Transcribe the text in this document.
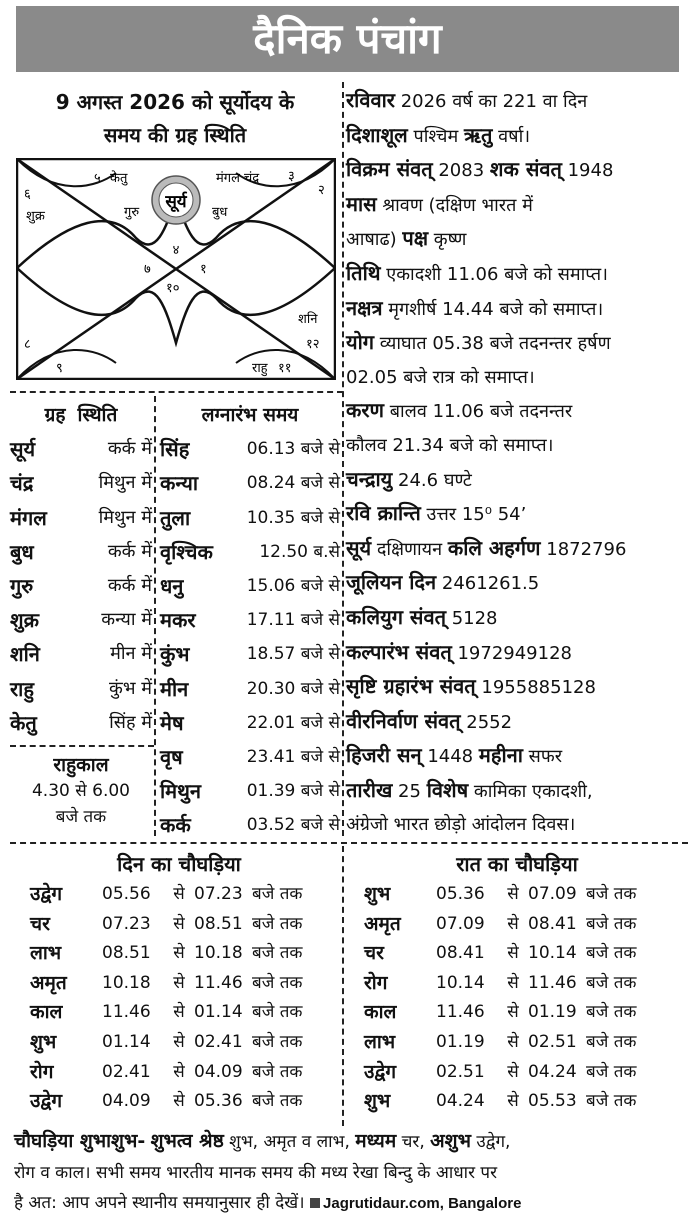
दैनिक पंचांग
9 अगस्त 2026 को सूर्योदय के
समय की ग्रह स्थिति
सूर्य
४
५
६
७
८
९
१०
१
२
३
१२
११
केतु
शुक्र	गुरु	बुध
मंगल चंद्र
शनि
राहु
रविवार 2026 वर्ष का 221 वा दिन
दिशाशूल पश्चिम ऋतु वर्षा।
विक्रम संवत् 2083 शक संवत् 1948
मास श्रावण (दक्षिण भारत में
आषाढ) पक्ष कृष्ण
तिथि एकादशी 11.06 बजे को समाप्त।
नक्षत्र मृगशीर्ष 14.44 बजे को समाप्त।
योग व्याघात 05.38 बजे तदनन्तर हर्षण
02.05 बजे रात्र को समाप्त।
करण बालव 11.06 बजे तदनन्तर
कौलव 21.34 बजे को समाप्त।
चन्द्रायु 24.6 घण्टे
रवि क्रान्ति उत्तर 15⁰ 54’
सूर्य दक्षिणायन कलि अहर्गण 1872796
जूलियन दिन 2461261.5
कलियुग संवत् 5128
कल्पारंभ संवत् 1972949128
सृष्टि ग्रहारंभ संवत् 1955885128
वीरनिर्वाण संवत् 2552
हिजरी सन् 1448 महीना सफर
तारीख 25 विशेष कामिका एकादशी,
अंग्रेजो भारत छोड़ो आंदोलन दिवस।
ग्रह स्थिति
सूर्य	कर्क में
चंद्र	मिथुन में
मंगल	मिथुन में
बुध	कर्क में
गुरु	कर्क में
शुक्र	कन्या में
शनि	मीन में
राहु	कुंभ में
केतु	सिंह में
लग्नारंभ समय
सिंह	06.13 बजे से
कन्या	08.24 बजे से
तुला	10.35 बजे से
वृश्चिक	12.50 ब.से
धनु	15.06 बजे से
मकर	17.11 बजे से
कुंभ	18.57 बजे से
मीन	20.30 बजे से
मेष	22.01 बजे से
वृष	23.41 बजे से
मिथुन	01.39 बजे से
कर्क	03.52 बजे से
राहुकाल
4.30 से 6.00
बजे तक
दिन का चौघड़िया
उद्वेग	05.56	से 07.23 बजे तक
चर	07.23	से 08.51 बजे तक
लाभ	08.51	से 10.18 बजे तक
अमृत	10.18	से 11.46 बजे तक
काल	11.46	से 01.14 बजे तक
शुभ	01.14	से 02.41 बजे तक
रोग	02.41	से 04.09 बजे तक
उद्वेग	04.09	से 05.36 बजे तक
रात का चौघड़िया
शुभ	05.36	से 07.09 बजे तक
अमृत	07.09	से 08.41 बजे तक
चर	08.41	से 10.14 बजे तक
रोग	10.14	से 11.46 बजे तक
काल	11.46	से 01.19 बजे तक
लाभ	01.19	से 02.51 बजे तक
उद्वेग	02.51	से 04.24 बजे तक
शुभ	04.24	से 05.53 बजे तक
चौघड़िया शुभाशुभ- शुभत्व श्रेष्ठ शुभ, अमृत व लाभ, मध्यम चर, अशुभ उद्वेग,
रोग व काल। सभी समय भारतीय मानक समय की मध्य रेखा बिन्दु के आधार पर
है अत: आप अपने स्थानीय समयानुसार ही देखें। Jagrutidaur.com, Bangalore
